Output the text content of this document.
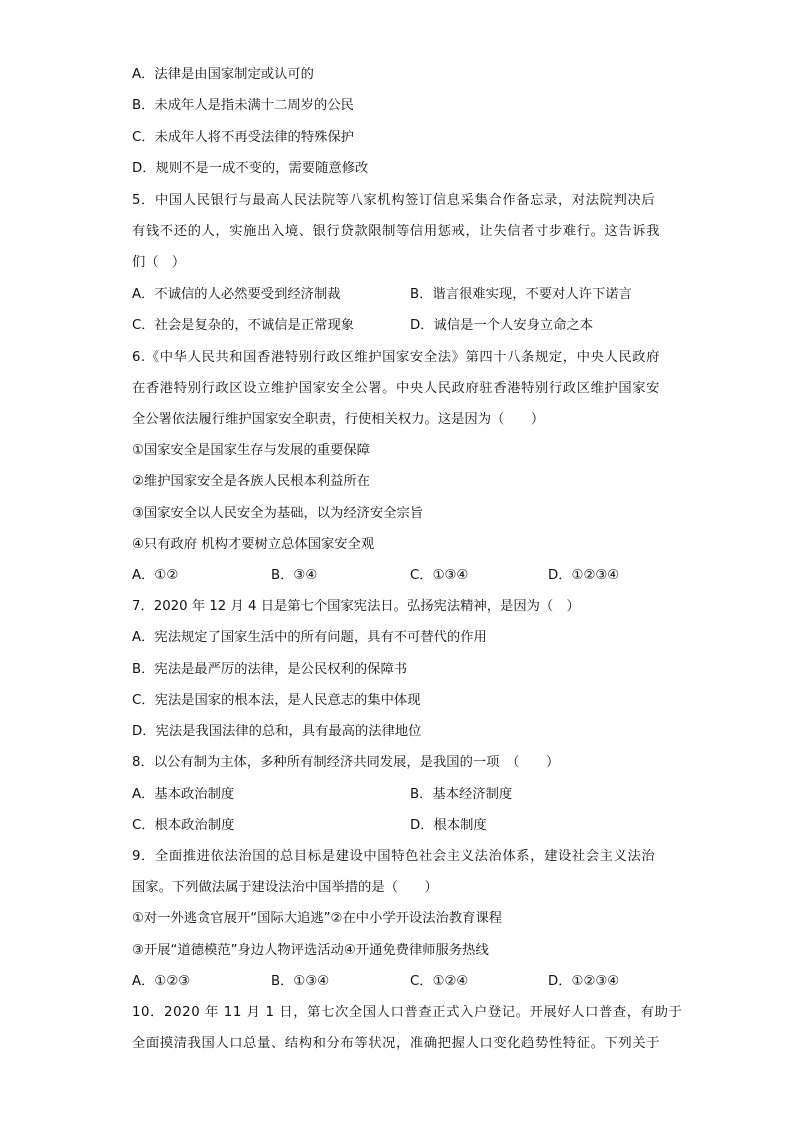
A．法律是由国家制定或认可的
B．未成年人是指未满十二周岁的公民
C．未成年人将不再受法律的特殊保护
D．规则不是一成不变的，需要随意修改
5．中国人民银行与最高人民法院等八家机构签订信息采集合作备忘录，对法院判决后
有钱不还的人，实施出入境、银行贷款限制等信用惩戒，让失信者寸步难行。这告诉我
们（　）
A．不诚信的人必然要受到经济制裁	B．谐言很难实现，不要对人许下诺言
C．社会是复杂的，不诚信是正常现象	D．诚信是一个人安身立命之本
6.《中华人民共和国香港特别行政区维护国家安全法》第四十八条规定，中央人民政府
在香港特别行政区设立维护国家安全公署。中央人民政府驻香港特别行政区维护国家安
全公署依法履行维护国家安全职责，行使相关权力。这是因为（　　）
①国家安全是国家生存与发展的重要保障
②维护国家安全是各族人民根本利益所在
③国家安全以人民安全为基础，以为经济安全宗旨
④只有政府 机构才要树立总体国家安全观
A．①②	B．③④	C．①③④	D．①②③④
7．2020 年 12 月 4 日是第七个国家宪法日。弘扬宪法精神，是因为（　）
A．宪法规定了国家生活中的所有问题，具有不可替代的作用
B．宪法是最严厉的法律，是公民权利的保障书
C．宪法是国家的根本法，是人民意志的集中体现
D．宪法是我国法律的总和，具有最高的法律地位
8．以公有制为主体，多种所有制经济共同发展，是我国的一项　（　　）
A．基本政治制度	B．基本经济制度
C．根本政治制度	D．根本制度
9．全面推进依法治国的总目标是建设中国特色社会主义法治体系，建设社会主义法治
国家。下列做法属于建设法治中国举措的是（　　）
①对一外逃贪官展开“国际大追逃”②在中小学开设法治教育课程
③开展“道德模范”身边人物评选活动④开通免费律师服务热线
A．①②③	B．①③④	C．①②④	D．①②③④
10．2020 年 11 月 1 日，第七次全国人口普查正式入户登记。开展好人口普查，有助于
全面摸清我国人口总量、结构和分布等状况，准确把握人口变化趋势性特征。下列关于
